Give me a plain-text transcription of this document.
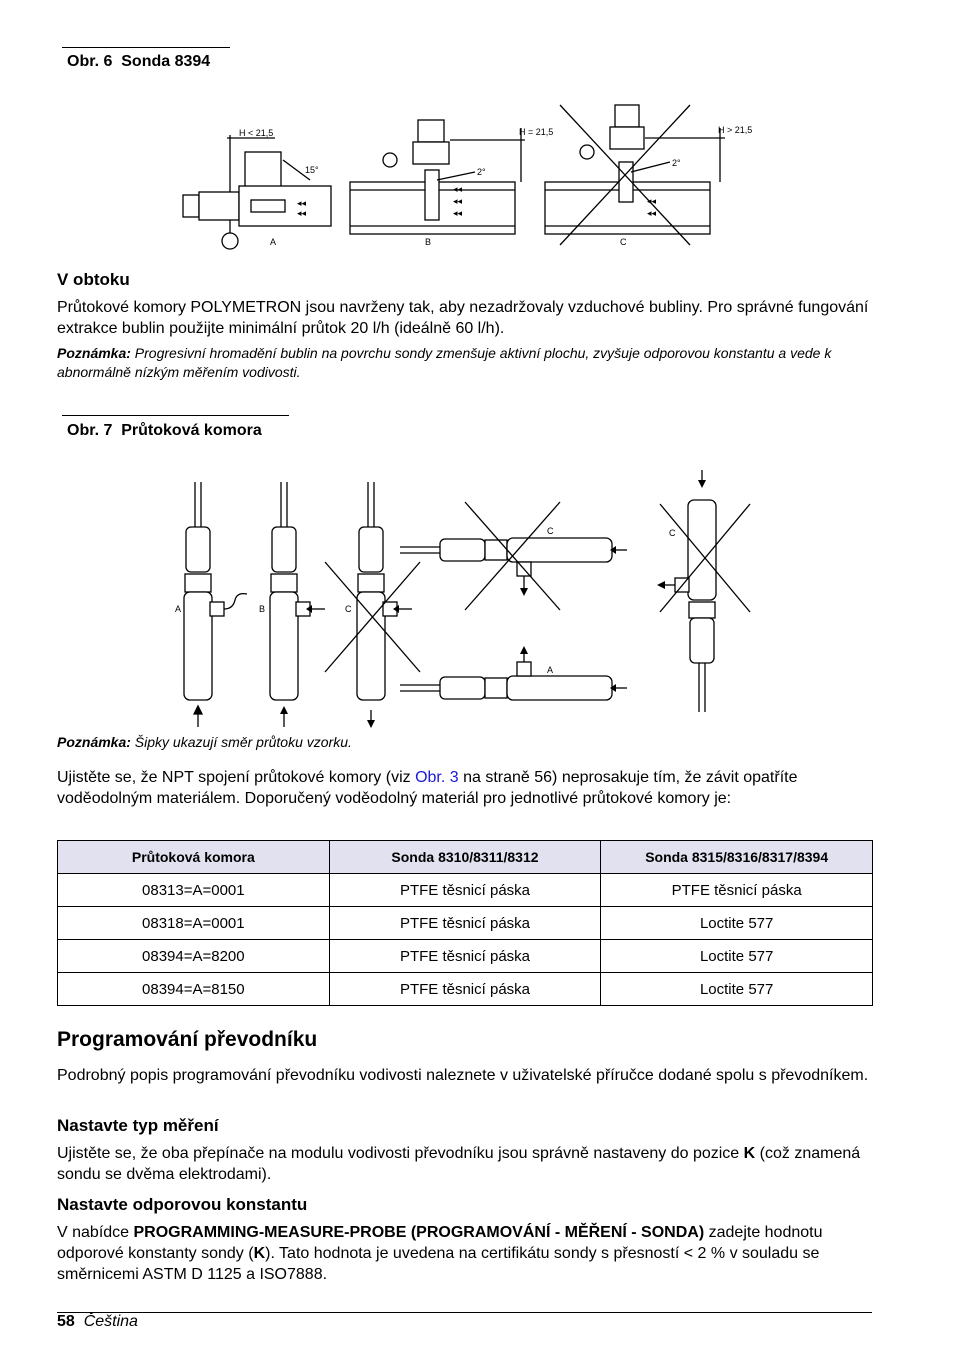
Obr. 6  Sonda 8394
H < 21,5
15°
◂◂
◂◂
A
2°
H = 21,5
◂◂
◂◂
◂◂
B
2°
H > 21,5
◂◂
◂◂
C
V obtoku

Průtokové komory POLYMETRON jsou navrženy tak, aby nezadržovaly vzduchové bubliny. Pro správné fungování extrakce bublin použijte minimální průtok 20 l/h (ideálně 60 l/h).

Poznámka: Progresivní hromadění bublin na povrchu sondy zmenšuje aktivní plochu, zvyšuje odporovou konstantu a vede k abnormálně nízkým měřením vodivosti.

Obr. 7  Průtoková komora
A	B	C
C
A
C

Poznámka: Šipky ukazují směr průtoku vzorku.

Ujistěte se, že NPT spojení průtokové komory (viz Obr. 3 na straně 56) neprosakuje tím, že závit opatříte voděodolným materiálem. Doporučený voděodolný materiál pro jednotlivé průtokové komory je:

Průtoková komora	Sonda 8310/8311/8312	Sonda 8315/8316/8317/8394
08313=A=0001	PTFE těsnicí páska	PTFE těsnicí páska
08318=A=0001	PTFE těsnicí páska	Loctite 577
08394=A=8200	PTFE těsnicí páska	Loctite 577
08394=A=8150	PTFE těsnicí páska	Loctite 577
Programování převodníku

Podrobný popis programování převodníku vodivosti naleznete v uživatelské příručce dodané spolu s převodníkem.

Nastavte typ měření

Ujistěte se, že oba přepínače na modulu vodivosti převodníku jsou správně nastaveny do pozice K (což znamená sondu se dvěma elektrodami).

Nastavte odporovou konstantu

V nabídce PROGRAMMING-MEASURE-PROBE (PROGRAMOVÁNÍ - MĚŘENÍ - SONDA) zadejte hodnotu odporové konstanty sondy (K). Tato hodnota je uvedena na certifikátu sondy s přesností < 2 % v souladu se směrnicemi ASTM D 1125 a ISO7888.

58 Čeština
